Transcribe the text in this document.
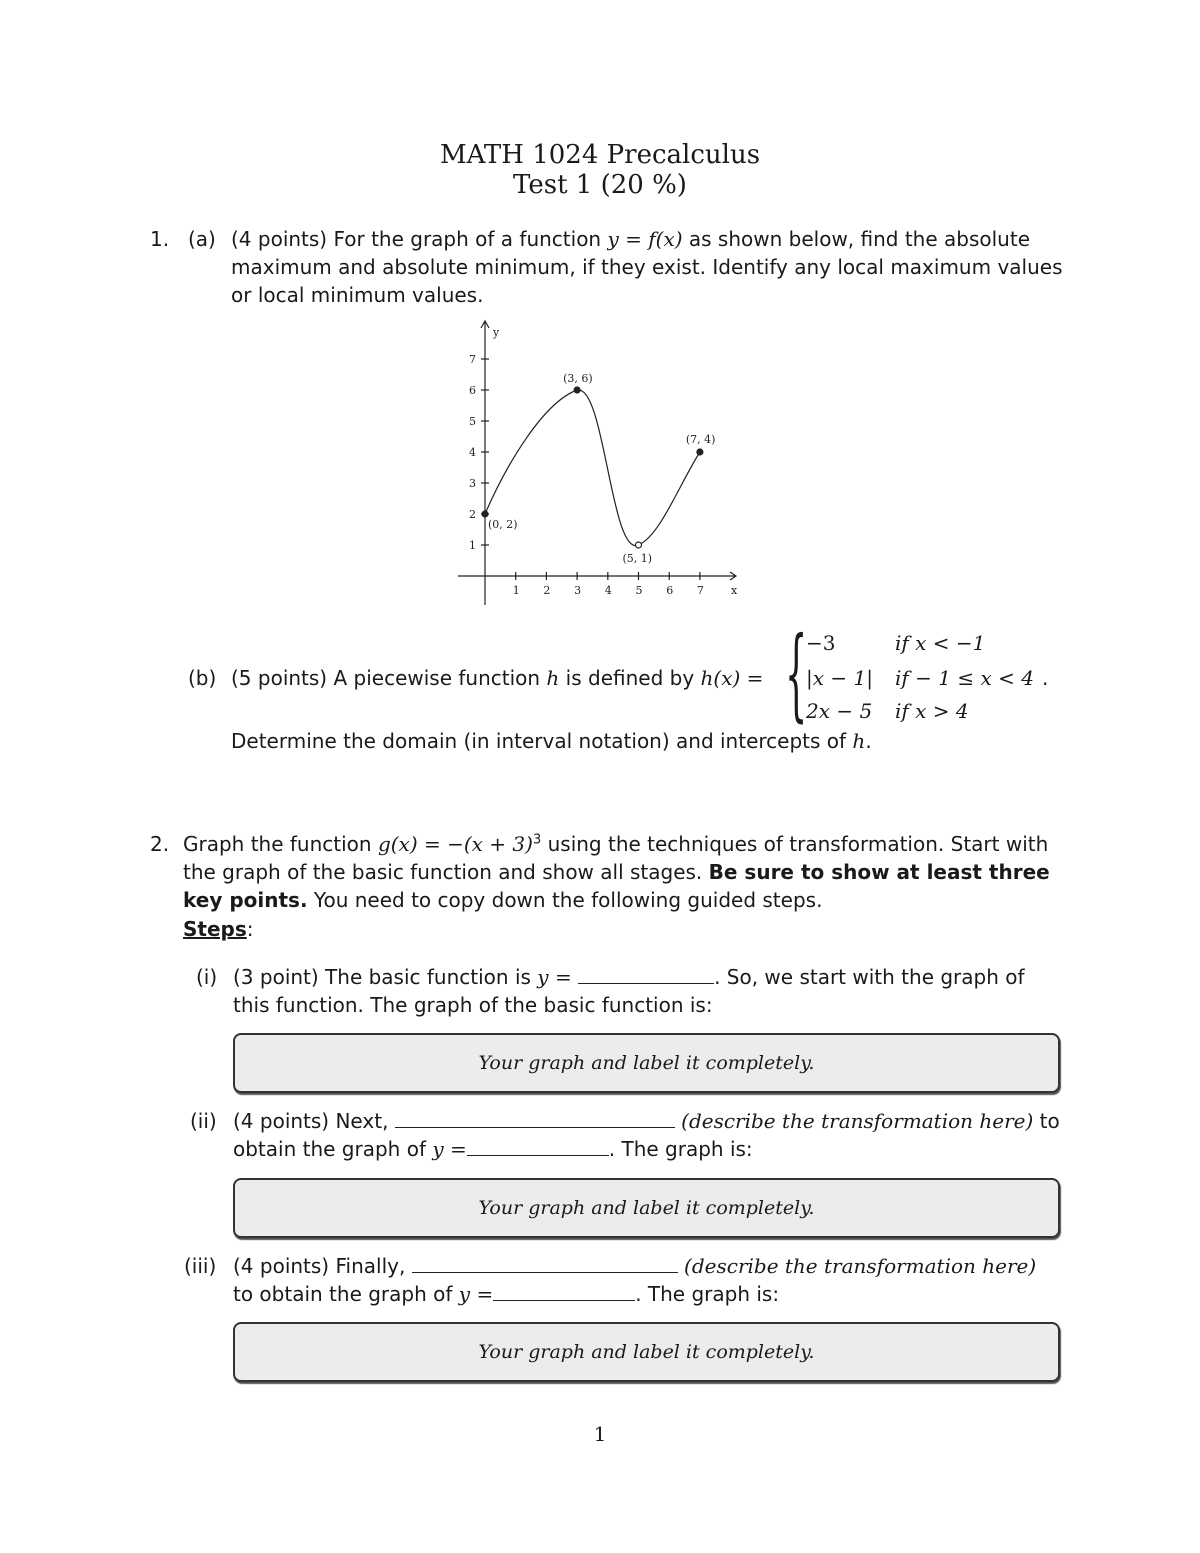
MATH 1024 Precalculus
Test 1 (20 %)
1. (a) (4 points) For the graph of a function y = f(x) as shown below, find the absolute
maximum and absolute minimum, if they exist. Identify any local maximum values
or local minimum values.
y
x
1 2 3 4 5 6 7
1
2
3
4
5
6
7
(0, 2)
(3, 6)
(5, 1)
(7, 4)
(b) (5 points) A piecewise function h is defined by h(x) = {
−3	if x < −1
|x − 1| if − 1 ≤ x < 4 .
2x − 5 if x > 4
Determine the domain (in interval notation) and intercepts of h.
2. Graph the function $g(x) = -(x + 3)^3$ using the techniques of transformation. Start with
the graph of the basic function and show all stages. Be sure to show at least three
key points. You need to copy down the following guided steps.
Steps:
(i) (3 point) The basic function is y =	. So, we start with the graph of
this function. The graph of the basic function is:
Your graph and label it completely.
(ii) (4 points) Next,	(describe the transformation here) to
obtain the graph of y =	. The graph is:
Your graph and label it completely.
(iii) (4 points) Finally,	(describe the transformation here)
to obtain the graph of y =	. The graph is:
Your graph and label it completely.
1
